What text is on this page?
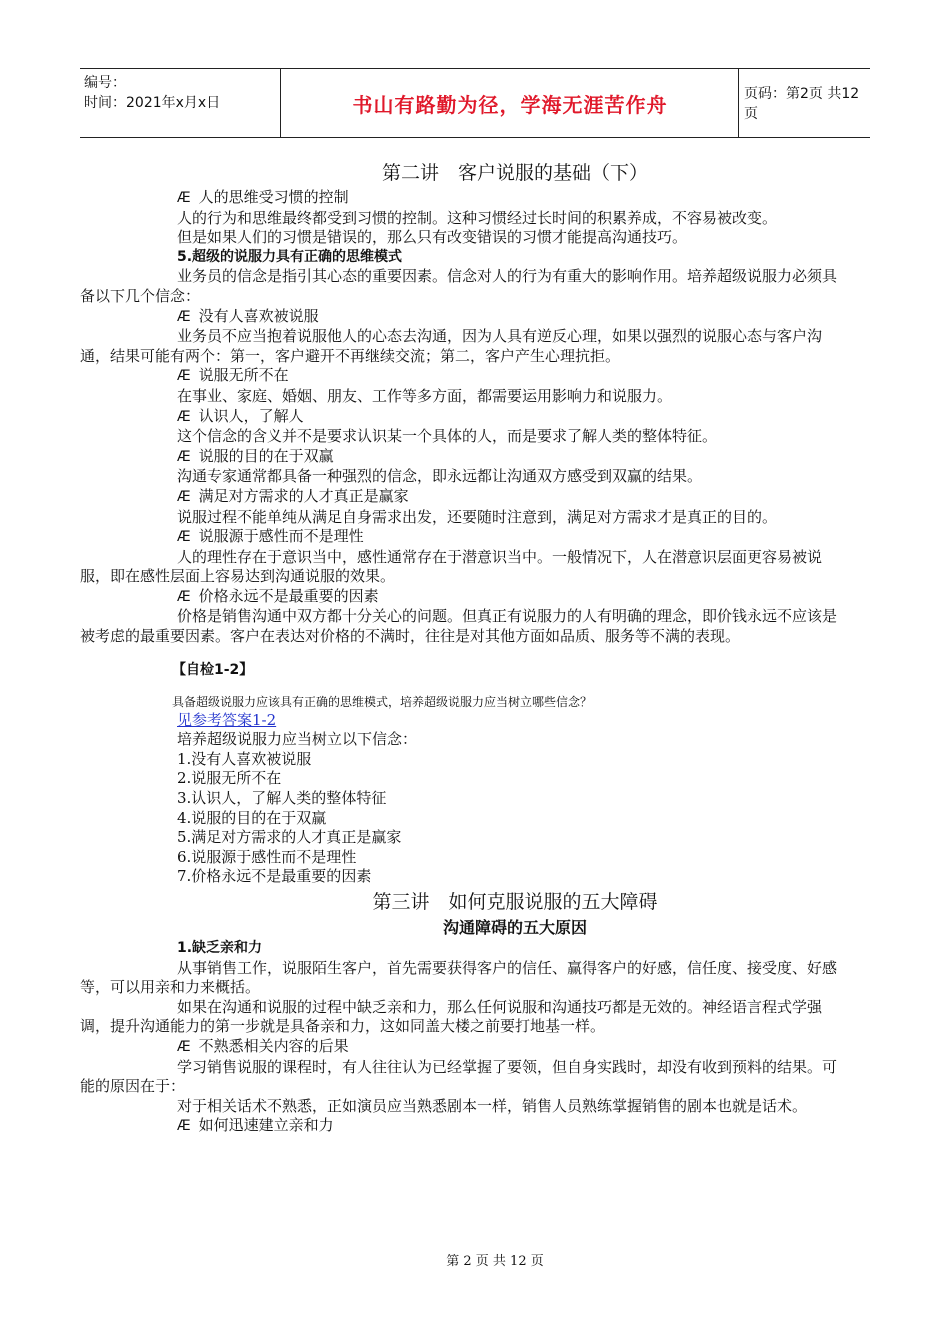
编号：
时间：2021年x月x日	书山有路勤为径，学海无涯苦作舟	页码：第2页 共12页
第二讲　客户说服的基础（下）

Æ 人的思维受习惯的控制

人的行为和思维最终都受到习惯的控制。这种习惯经过长时间的积累养成，不容易被改变。

但是如果人们的习惯是错误的，那么只有改变错误的习惯才能提高沟通技巧。

5.超级的说服力具有正确的思维模式

业务员的信念是指引其心态的重要因素。信念对人的行为有重大的影响作用。培养超级说服力必须具备以下几个信念：

Æ 没有人喜欢被说服

业务员不应当抱着说服他人的心态去沟通，因为人具有逆反心理，如果以强烈的说服心态与客户沟通，结果可能有两个：第一，客户避开不再继续交流；第二，客户产生心理抗拒。

Æ 说服无所不在

在事业、家庭、婚姻、朋友、工作等多方面，都需要运用影响力和说服力。

Æ 认识人，了解人

这个信念的含义并不是要求认识某一个具体的人，而是要求了解人类的整体特征。

Æ 说服的目的在于双赢

沟通专家通常都具备一种强烈的信念，即永远都让沟通双方感受到双赢的结果。

Æ 满足对方需求的人才真正是赢家

说服过程不能单纯从满足自身需求出发，还要随时注意到，满足对方需求才是真正的目的。

Æ 说服源于感性而不是理性

人的理性存在于意识当中，感性通常存在于潜意识当中。一般情况下，人在潜意识层面更容易被说服，即在感性层面上容易达到沟通说服的效果。

Æ 价格永远不是最重要的因素

价格是销售沟通中双方都十分关心的问题。但真正有说服力的人有明确的理念，即价钱永远不应该是被考虑的最重要因素。客户在表达对价格的不满时，往往是对其他方面如品质、服务等不满的表现。

【自检1-2】

具备超级说服力应该具有正确的思维模式，培养超级说服力应当树立哪些信念？

见参考答案1-2

培养超级说服力应当树立以下信念：

1.没有人喜欢被说服

2.说服无所不在

3.认识人，了解人类的整体特征

4.说服的目的在于双赢

5.满足对方需求的人才真正是赢家

6.说服源于感性而不是理性

7.价格永远不是最重要的因素

第三讲　如何克服说服的五大障碍
沟通障碍的五大原因

1.缺乏亲和力

从事销售工作，说服陌生客户，首先需要获得客户的信任、赢得客户的好感，信任度、接受度、好感等，可以用亲和力来概括。

如果在沟通和说服的过程中缺乏亲和力，那么任何说服和沟通技巧都是无效的。神经语言程式学强调，提升沟通能力的第一步就是具备亲和力，这如同盖大楼之前要打地基一样。

Æ 不熟悉相关内容的后果

学习销售说服的课程时，有人往往认为已经掌握了要领，但自身实践时，却没有收到预料的结果。可能的原因在于：

对于相关话术不熟悉，正如演员应当熟悉剧本一样，销售人员熟练掌握销售的剧本也就是话术。

Æ 如何迅速建立亲和力

第 2 页 共 12 页
